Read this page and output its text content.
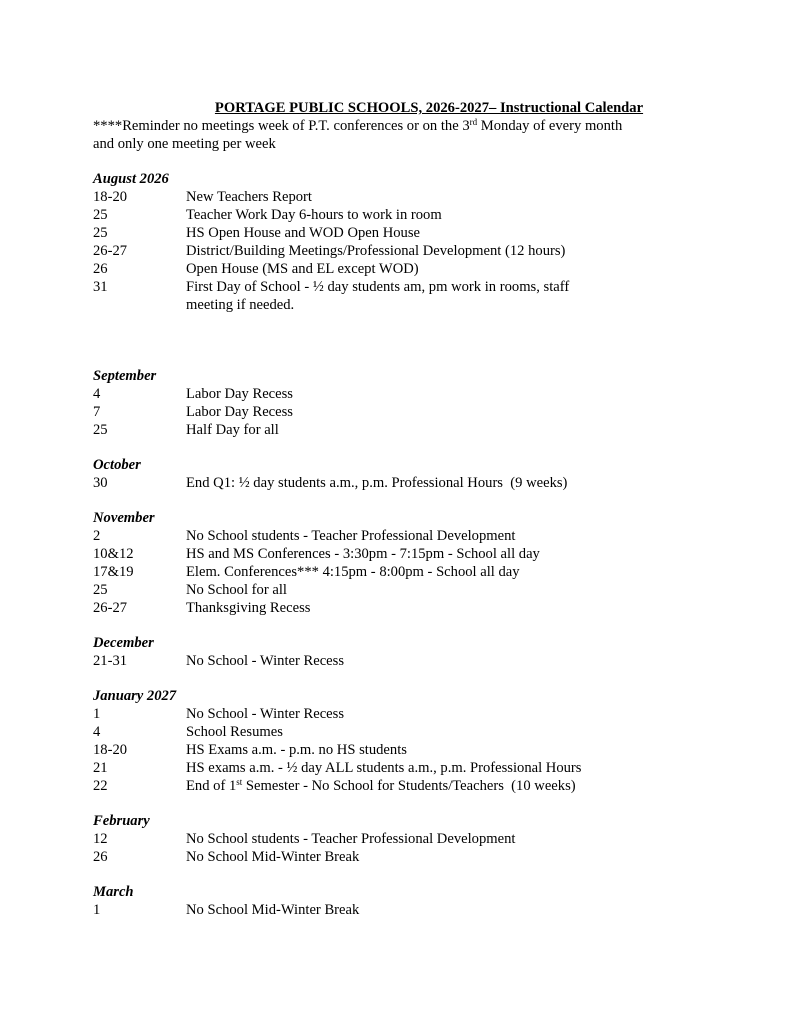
PORTAGE PUBLIC SCHOOLS, 2026-2027– Instructional Calendar
****Reminder no meetings week of P.T. conferences or on the 3rd Monday of every month and only one meeting per week
August 2026
18-20	New Teachers Report
25	Teacher Work Day 6-hours to work in room
25	HS Open House and WOD Open House
26-27	District/Building Meetings/Professional Development (12 hours)
26	Open House (MS and EL except WOD)
31	First Day of School - ½ day students am, pm work in rooms, staff meeting if needed.
September
4	Labor Day Recess
7	Labor Day Recess
25	Half Day for all
October
30	End Q1: ½ day students a.m., p.m. Professional Hours  (9 weeks)
November
2	No School students - Teacher Professional Development
10&12	HS and MS Conferences - 3:30pm - 7:15pm - School all day
17&19	Elem. Conferences*** 4:15pm - 8:00pm - School all day
25	No School for all
26-27	Thanksgiving Recess
December
21-31	No School - Winter Recess
January 2027
1	No School - Winter Recess
4	School Resumes
18-20	HS Exams a.m. - p.m. no HS students
21	HS exams a.m. - ½ day ALL students a.m., p.m. Professional Hours
22	End of 1st Semester - No School for Students/Teachers  (10 weeks)
February
12	No School students - Teacher Professional Development
26	No School Mid-Winter Break
March
1	No School Mid-Winter Break
